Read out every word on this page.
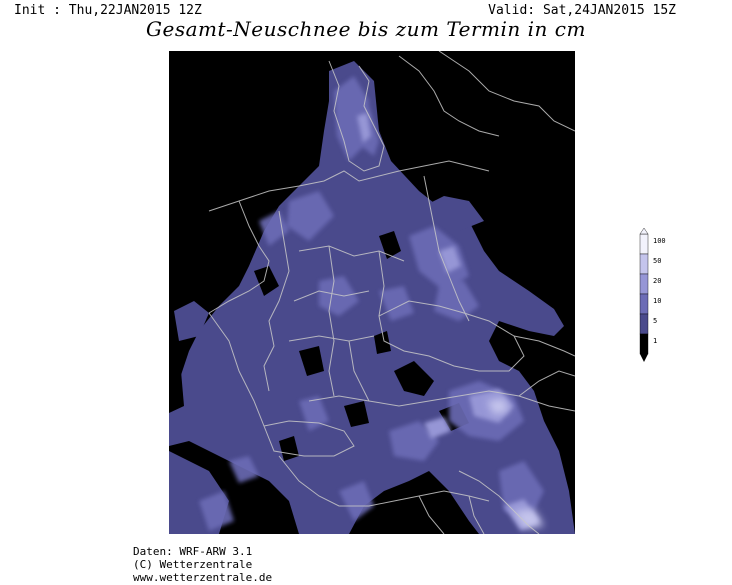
Init : Thu,22JAN2015 12Z	Valid: Sat,24JAN2015 15Z
Gesamt-Neuschnee bis zum Termin in cm
100
50
20
10
5
1
Daten: WRF-ARW 3.1
(C) Wetterzentrale
www.wetterzentrale.de
